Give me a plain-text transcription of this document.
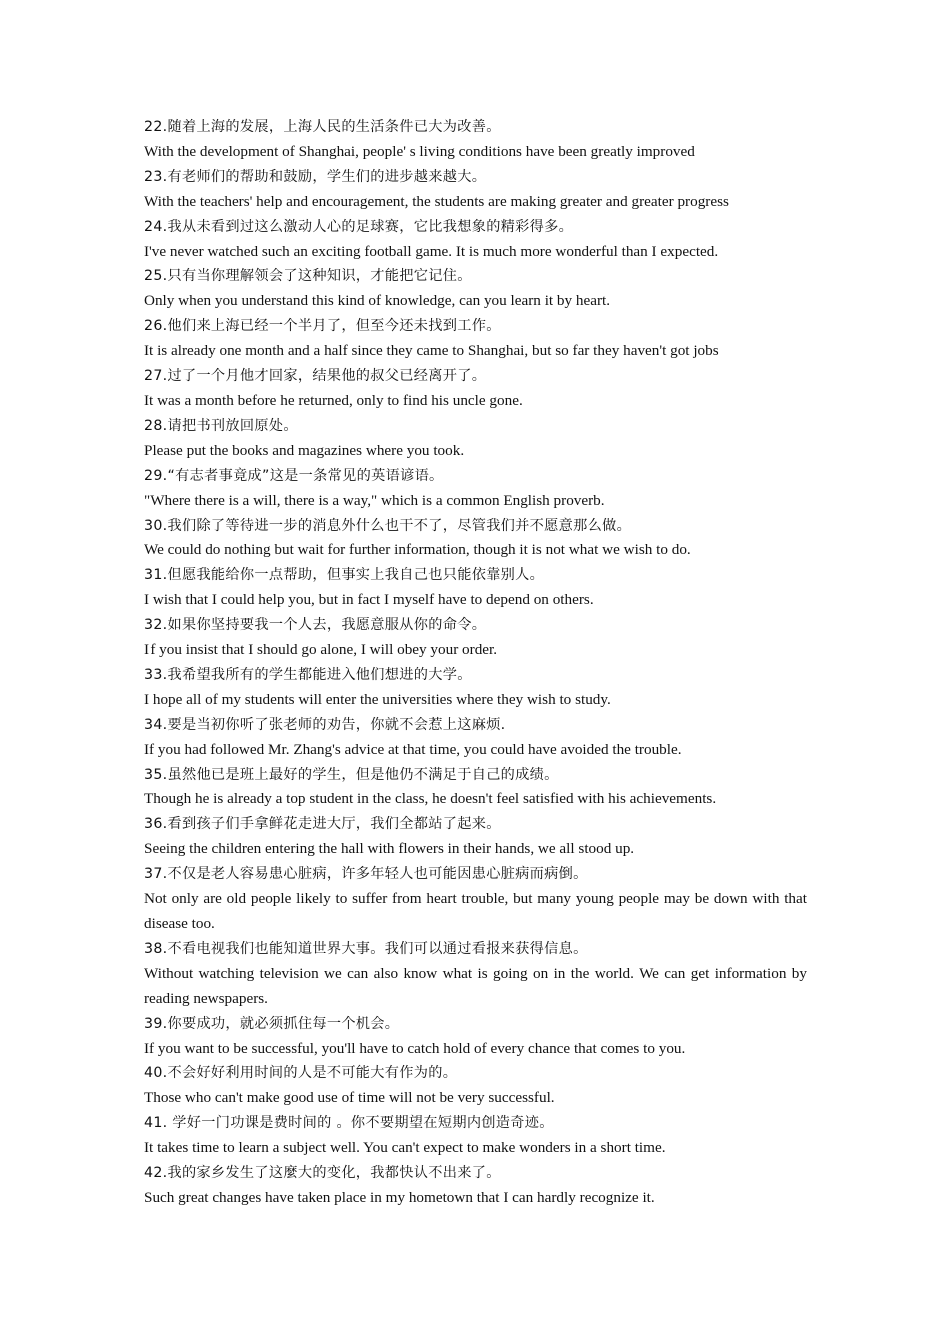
22.随着上海的发展，上海人民的生活条件已大为改善。
With the development of Shanghai, people' s living conditions have been greatly improved
23.有老师们的帮助和鼓励，学生们的进步越来越大。
With the teachers' help and encouragement, the students are making greater and greater progress
24.我从未看到过这么激动人心的足球赛，它比我想象的精彩得多。
I've never watched such an exciting football game. It is much more wonderful than I expected.
25.只有当你理解领会了这种知识，才能把它记住。
Only when you understand this kind of knowledge, can you learn it by heart.
26.他们来上海已经一个半月了，但至今还未找到工作。
It is already one month and a half since they came to Shanghai, but so far they haven't got jobs
27.过了一个月他才回家，结果他的叔父已经离开了。
It was a month before he returned, only to find his uncle gone.
28.请把书刊放回原处。
Please put the books and magazines where you took.
29.“有志者事竟成”这是一条常见的英语谚语。
"Where there is a will, there is a way," which is a common English proverb.
30.我们除了等待进一步的消息外什么也干不了，尽管我们并不愿意那么做。
We could do nothing but wait for further information, though it is not what we wish to do.
31.但愿我能给你一点帮助，但事实上我自己也只能依靠别人。
I wish that I could help you, but in fact I myself have to depend on others.
32.如果你坚持要我一个人去，我愿意服从你的命令。
I f you insist that I should go alone, I will obey your order.
33.我希望我所有的学生都能进入他们想进的大学。
I hope all of my students will enter the universities where they wish to study.
34.要是当初你听了张老师的劝告，你就不会惹上这麻烦.
If you had followed Mr. Zhang's advice at that time, you could have avoided the trouble.
35.虽然他已是班上最好的学生，但是他仍不满足于自己的成绩。
Though he is already a top student in the class, he doesn't feel satisfied with his achievements.
36.看到孩子们手拿鲜花走进大厅，我们全都站了起来。
Seeing the children entering the hall with flowers in their hands, we all stood up.
37.不仅是老人容易患心脏病，许多年轻人也可能因患心脏病而病倒。
Not only are old people likely to suffer from heart trouble, but many young people may be down with that disease too.
38.不看电视我们也能知道世界大事。我们可以通过看报来获得信息。
Without watching television we can also know what is going on in the world. We can get information by reading newspapers.
39.你要成功，就必须抓住每一个机会。
If you want to be successful, you'll have to catch hold of every chance that comes to you.
40.不会好好利用时间的人是不可能大有作为的。
Those who can't make good use of time will not be very successful.
41. 学好一门功课是费时间的 。你不要期望在短期内创造奇迹。
It takes time to learn a subject well. You can't expect to make wonders in a short time.
42.我的家乡发生了这麼大的变化，我都快认不出来了。
Such great changes have taken place in my hometown that I can hardly recognize it.
